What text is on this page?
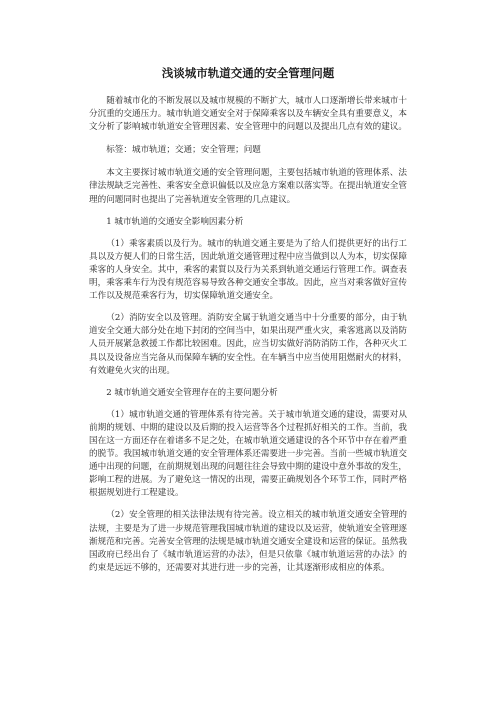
浅谈城市轨道交通的安全管理问题

随着城市化的不断发展以及城市规模的不断扩大，城市人口逐渐增长带来城市十分沉重的交通压力。城市轨道交通安全对于保障乘客以及车辆安全具有重要意义，本文分析了影响城市轨道安全管理因素、安全管理中的问题以及提出几点有效的建议。

标签：城市轨道；交通；安全管理；问题

本文主要探讨城市轨道交通的安全管理问题，主要包括城市轨道的管理体系、法律法规缺乏完善性、乘客安全意识偏低以及应急方案难以落实等。在提出轨道安全管理的问题同时也提出了完善轨道安全管理的几点建议。

1 城市轨道的交通安全影响因素分析

（1）乘客素质以及行为。城市的轨道交通主要是为了给人们提供更好的出行工具以及方便人们的日常生活，因此轨道交通管理过程中应当做到以人为本，切实保障乘客的人身安全。其中，乘客的素質以及行为关系到轨道交通运行管理工作。调查表明，乘客乘车行为没有规范容易导致各种交通安全事故。因此，应当对乘客做好宣传工作以及规范乘客行为，切实保障轨道交通安全。

（2）消防安全以及管理。消防安全属于轨道交通当中十分重要的部分，由于轨道安全交通大部分处在地下封闭的空间当中，如果出现严重火灾，乘客逃离以及消防人员开展紧急救援工作都比较困难。因此，应当切实做好消防消防工作，各种灭火工具以及设备应当完备从而保障车辆的安全性。在车辆当中应当使用阻燃耐火的材料，有效避免火灾的出现。

2 城市轨道交通安全管理存在的主要问题分析

（1）城市轨道交通的管理体系有待完善。关于城市轨道交通的建设，需要对从前期的规划、中期的建设以及后期的投入运营等各个过程抓好相关的工作。当前，我国在这一方面还存在着诸多不足之处，在城市轨道交通建设的各个环节中存在着严重的脱节。我国城市轨道交通的安全管理体系还需要进一步完善。当前一些城市轨道交通中出现的问题，在前期规划出现的问题往往会导致中期的建设中意外事故的发生，影响工程的进展。为了避免这一情况的出现，需要正确规划各个环节工作，同时严格根据规划进行工程建设。

（2）安全管理的相关法律法规有待完善。设立相关的城市轨道交通安全管理的法规，主要是为了进一步规范管理我国城市轨道的建设以及运营，使轨道安全管理逐渐规范和完善。完善安全管理的法规是城市轨道交通安全建设和运营的保证。虽然我国政府已经出台了《城市轨道运营的办法》，但是只依靠《城市轨道运营的办法》的约束是远远不够的，还需要对其进行进一步的完善，让其逐渐形成相应的体系。
